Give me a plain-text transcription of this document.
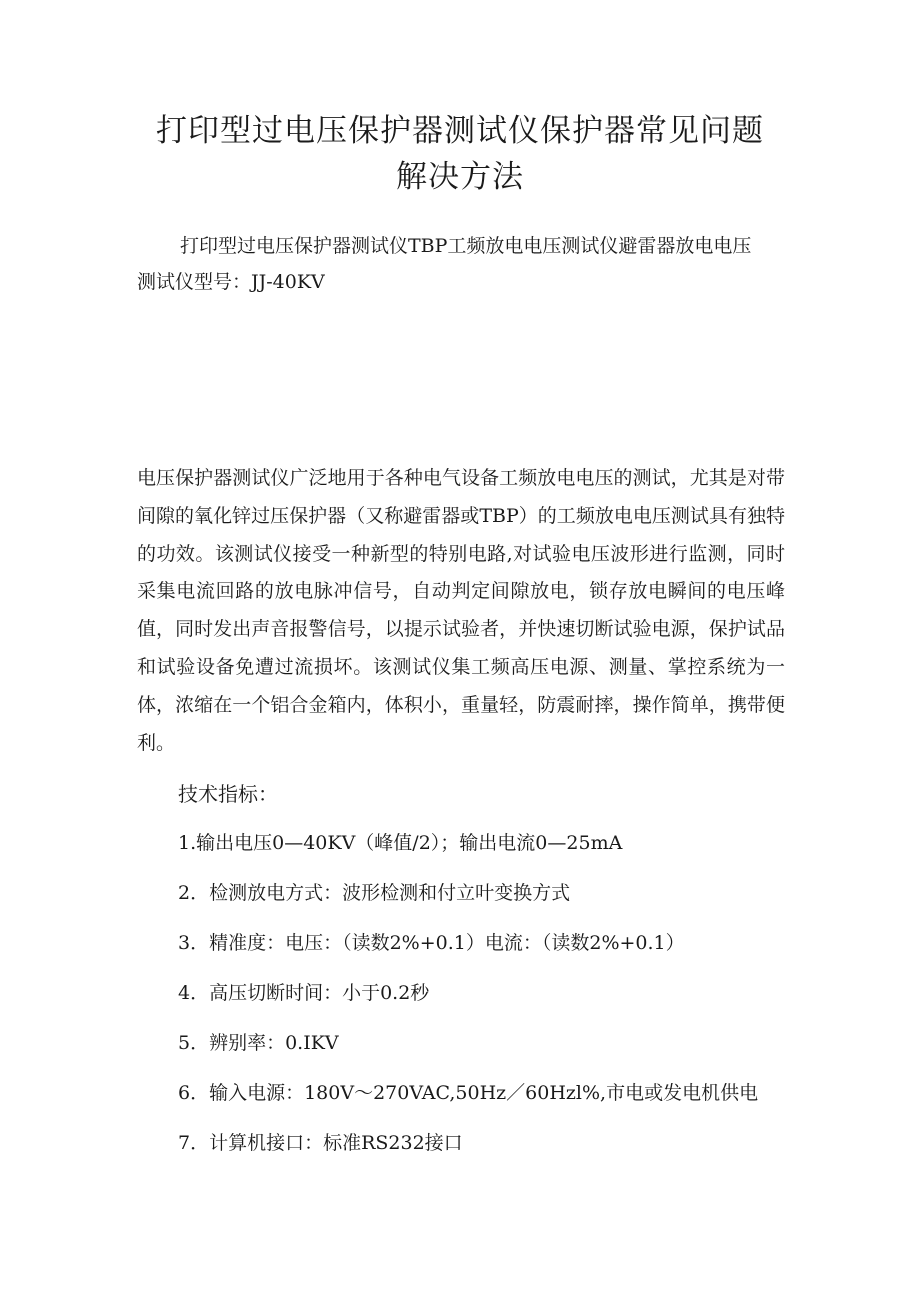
打印型过电压保护器测试仪保护器常见问题
解决方法

打印型过电压保护器测试仪TBP工频放电电压测试仪避雷器放电电压

测试仪型号：JJ-40KV

电压保护器测试仪广泛地用于各种电气设备工频放电电压的测试，尤其是对带间隙的氧化锌过压保护器（又称避雷器或TBP）的工频放电电压测试具有独特的功效。该测试仪接受一种新型的特别电路,对试验电压波形进行监测，同时采集电流回路的放电脉冲信号，自动判定间隙放电，锁存放电瞬间的电压峰值，同时发出声音报警信号，以提示试验者，并快速切断试验电源，保护试品和试验设备免遭过流损坏。该测试仪集工频高压电源、测量、掌控系统为一体，浓缩在一个铝合金箱内，体积小，重量轻，防震耐摔，操作简单，携带便利。

技术指标：

1.输出电压0—40KV（峰值/2）；输出电流0—25mA

2．检测放电方式：波形检测和付立叶变换方式

3．精准度：电压：（读数2%+0.1）电流：（读数2%+0.1）

4．高压切断时间：小于0.2秒

5．辨别率：0.IKV

6．输入电源：180V～270VAC,50Hz／60Hzl%,市电或发电机供电

7．计算机接口：标准RS232接口
